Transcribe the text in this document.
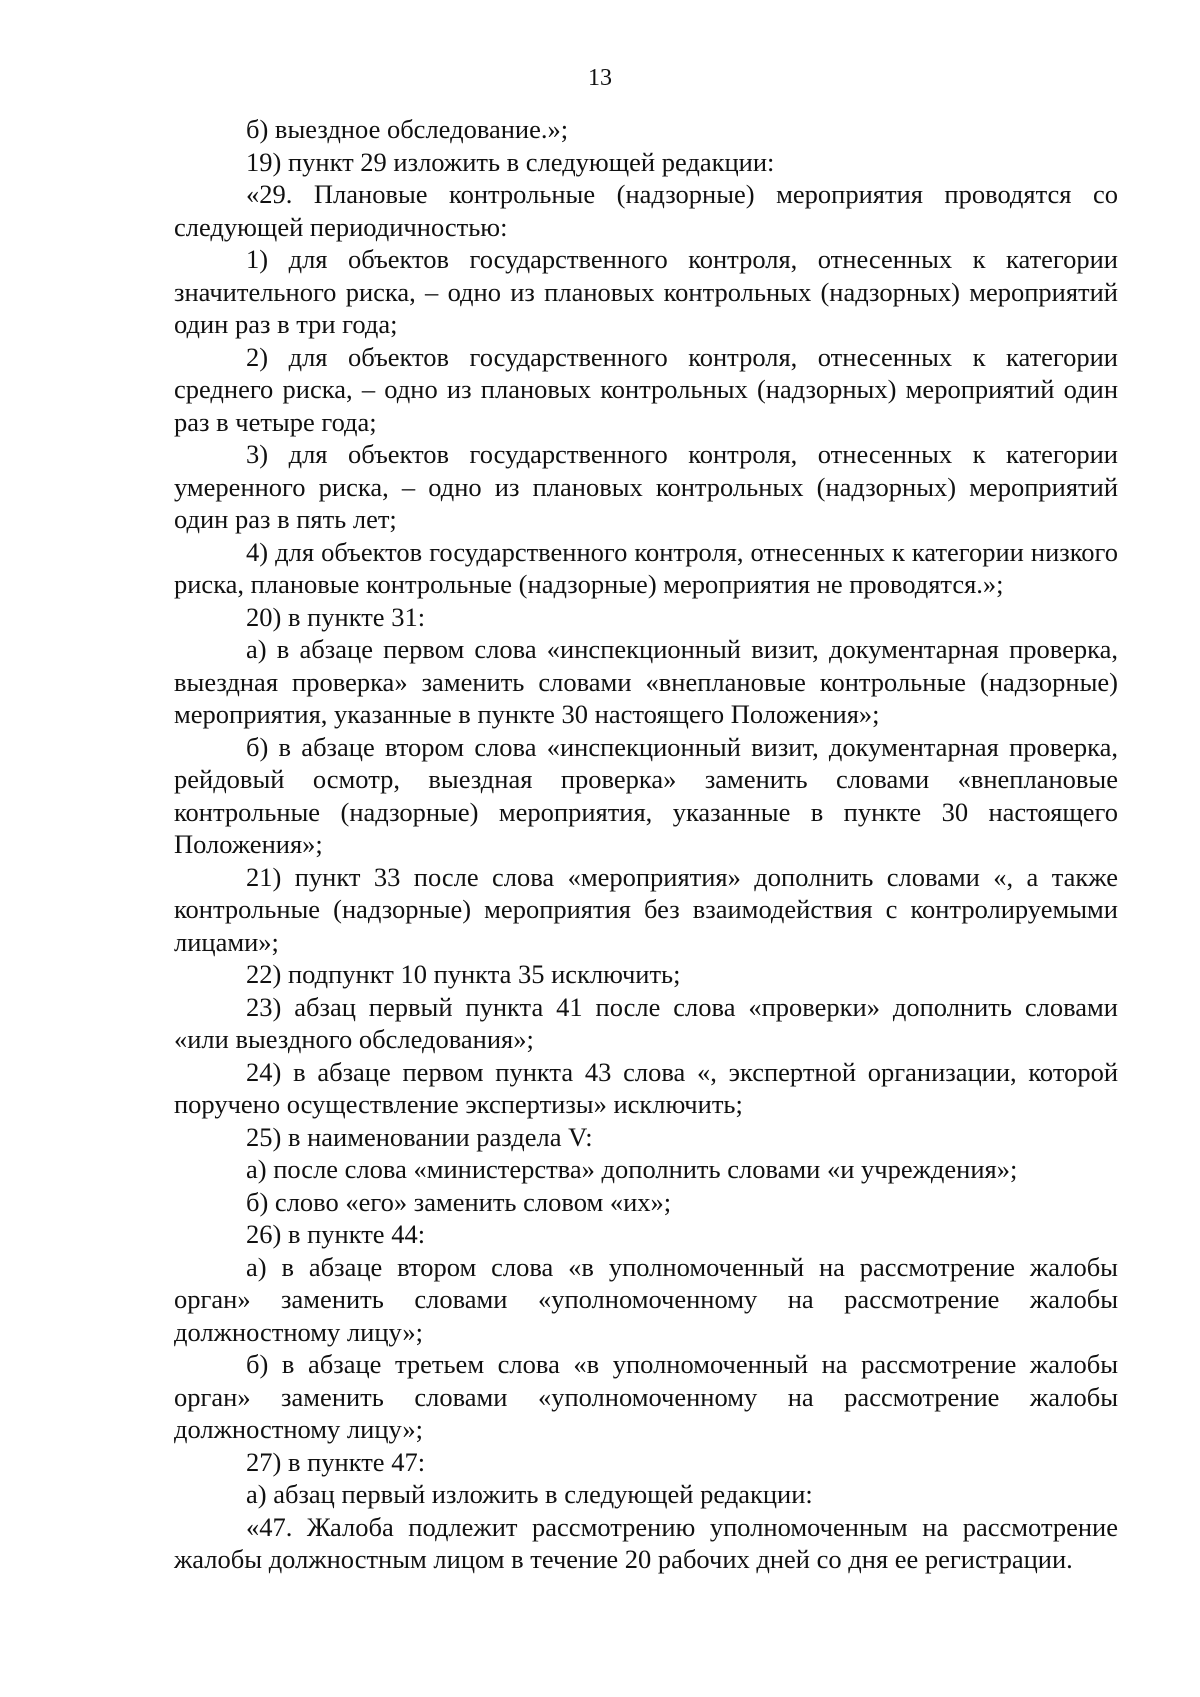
13

б) выездное обследование.»;

19) пункт 29 изложить в следующей редакции:

«29. Плановые контрольные (надзорные) мероприятия проводятся со следующей периодичностью:

1) для объектов государственного контроля, отнесенных к категории значительного риска, – одно из плановых контрольных (надзорных) мероприятий один раз в три года;

2) для объектов государственного контроля, отнесенных к категории среднего риска, – одно из плановых контрольных (надзорных) мероприятий один раз в четыре года;

3) для объектов государственного контроля, отнесенных к категории умеренного риска, – одно из плановых контрольных (надзорных) мероприятий один раз в пять лет;

4) для объектов государственного контроля, отнесенных к категории низкого риска, плановые контрольные (надзорные) мероприятия не проводятся.»;

20) в пункте 31:

а) в абзаце первом слова «инспекционный визит, документарная проверка, выездная проверка» заменить словами «внеплановые контрольные (надзорные) мероприятия, указанные в пункте 30 настоящего Положения»;

б) в абзаце втором слова «инспекционный визит, документарная проверка, рейдовый осмотр, выездная проверка» заменить словами «внеплановые контрольные (надзорные) мероприятия, указанные в пункте 30 настоящего Положения»;

21) пункт 33 после слова «мероприятия» дополнить словами «, а также контрольные (надзорные) мероприятия без взаимодействия с контролируемыми лицами»;

22) подпункт 10 пункта 35 исключить;

23) абзац первый пункта 41 после слова «проверки» дополнить словами «или выездного обследования»;

24) в абзаце первом пункта 43 слова «, экспертной организации, которой поручено осуществление экспертизы» исключить;

25) в наименовании раздела V:

а) после слова «министерства» дополнить словами «и учреждения»;

б) слово «его» заменить словом «их»;

26) в пункте 44:

а) в абзаце втором слова «в уполномоченный на рассмотрение жалобы орган» заменить словами «уполномоченному на рассмотрение жалобы должностному лицу»;

б) в абзаце третьем слова «в уполномоченный на рассмотрение жалобы орган» заменить словами «уполномоченному на рассмотрение жалобы должностному лицу»;

27) в пункте 47:

а) абзац первый изложить в следующей редакции:

«47. Жалоба подлежит рассмотрению уполномоченным на рассмотрение жалобы должностным лицом в течение 20 рабочих дней со дня ее регистрации.
